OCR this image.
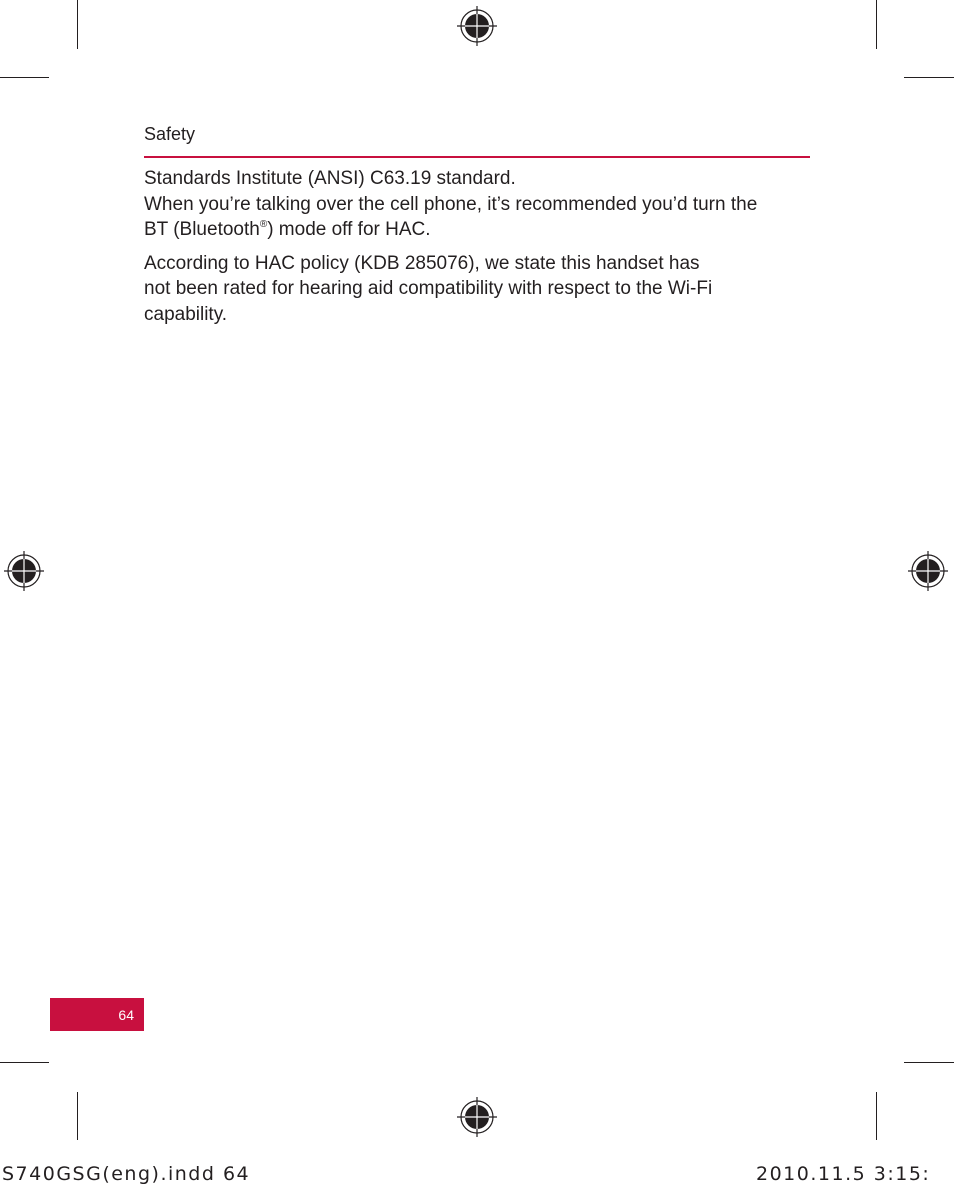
Safety

Standards Institute (ANSI) C63.19 standard.

When you’re talking over the cell phone, it’s recommended you’d turn the

BT (Bluetooth®) mode off for HAC.

According to HAC policy (KDB 285076), we state this handset has

not been rated for hearing aid compatibility with respect to the Wi-Fi

capability.

64
S740GSG(eng).indd 64	2010.11.5 3:15:
